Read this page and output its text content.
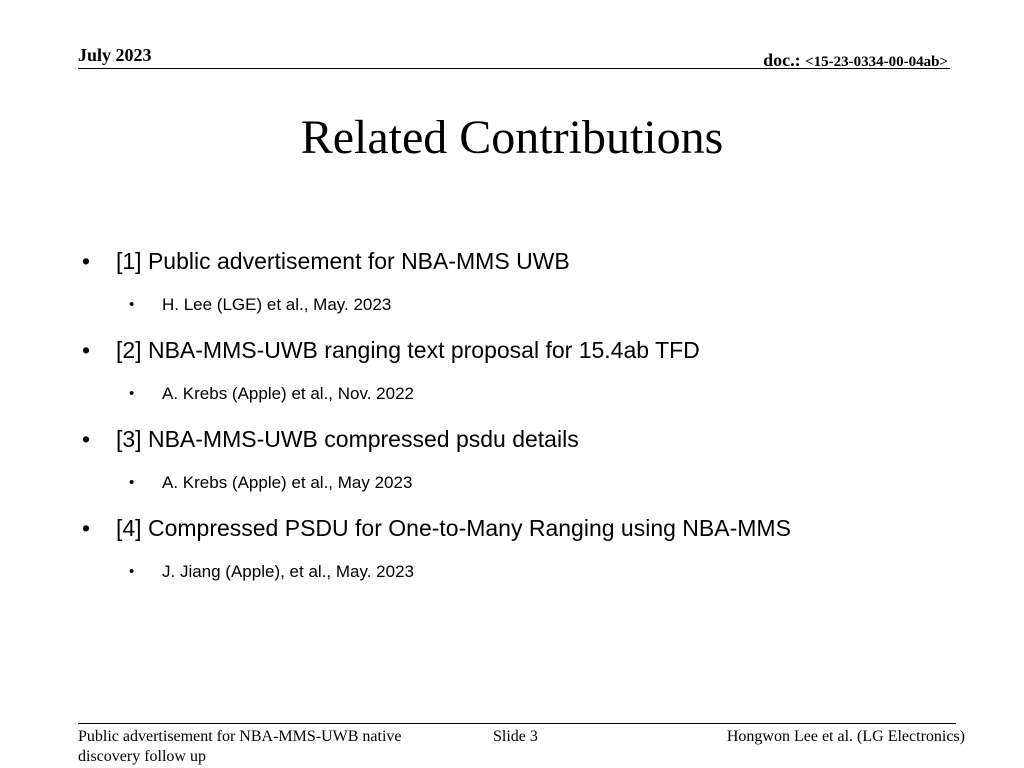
July 2023	doc.: <15-23-0334-00-04ab>
Related Contributions
• [1] Public advertisement for NBA-MMS UWB
• H. Lee (LGE) et al., May. 2023
• [2] NBA-MMS-UWB ranging text proposal for 15.4ab TFD
• A. Krebs (Apple) et al., Nov. 2022
• [3] NBA-MMS-UWB compressed psdu details
• A. Krebs (Apple) et al., May 2023
• [4] Compressed PSDU for One-to-Many Ranging using NBA-MMS
• J. Jiang (Apple), et al., May. 2023
Public advertisement for NBA-MMS-UWB native discovery follow up
Slide 3	Hongwon Lee et al. (LG Electronics)
